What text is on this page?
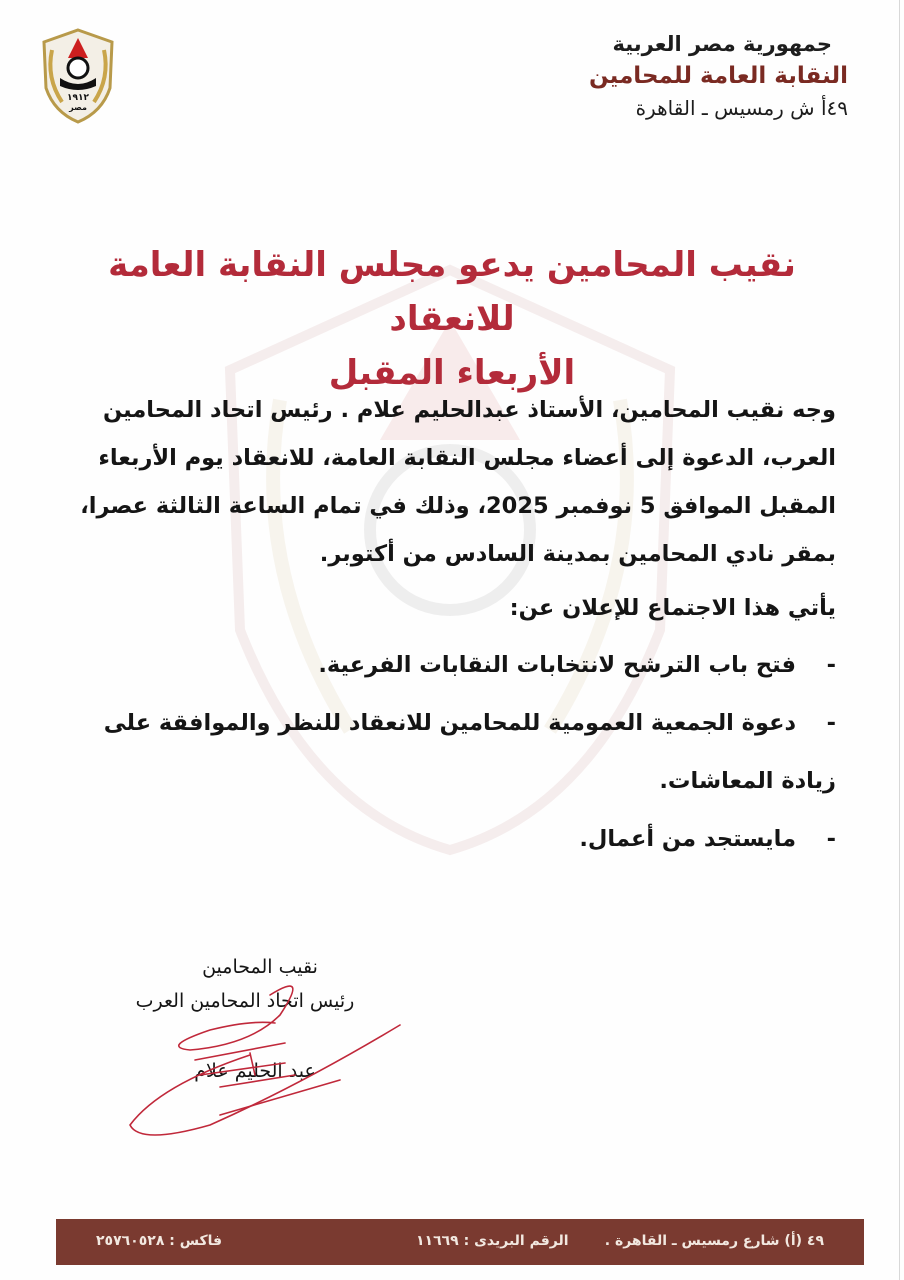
جمهورية مصر العربية
النقابة العامة للمحامين
٤٩أ ش رمسيس ـ القاهرة
١٩١٢
مصر
نقيب المحامين يدعو مجلس النقابة العامة للانعقاد
الأربعاء المقبل

وجه نقيب المحامين، الأستاذ عبدالحليم علام . رئيس اتحاد المحامين

العرب، الدعوة إلى أعضاء مجلس النقابة العامة، للانعقاد يوم الأربعاء

المقبل الموافق 5 نوفمبر 2025، وذلك في تمام الساعة الثالثة عصرا،

بمقر نادي المحامين بمدينة السادس من أكتوبر.

يأتي هذا الاجتماع للإعلان عن:

-
فتح باب الترشح لانتخابات النقابات الفرعية.
-
دعوة الجمعية العمومية للمحامين للانعقاد للنظر والموافقة على
زيادة المعاشات.
-
مايستجد من أعمال.
نقيب المحامين
رئيس اتحاد المحامين العرب
عبد الحليم علام
٤٩ (أ) شارع رمسيس ـ القاهرة .
الرقم البريدى : ١١٦٦٩
فاكس : ٢٥٧٦٠٥٢٨
